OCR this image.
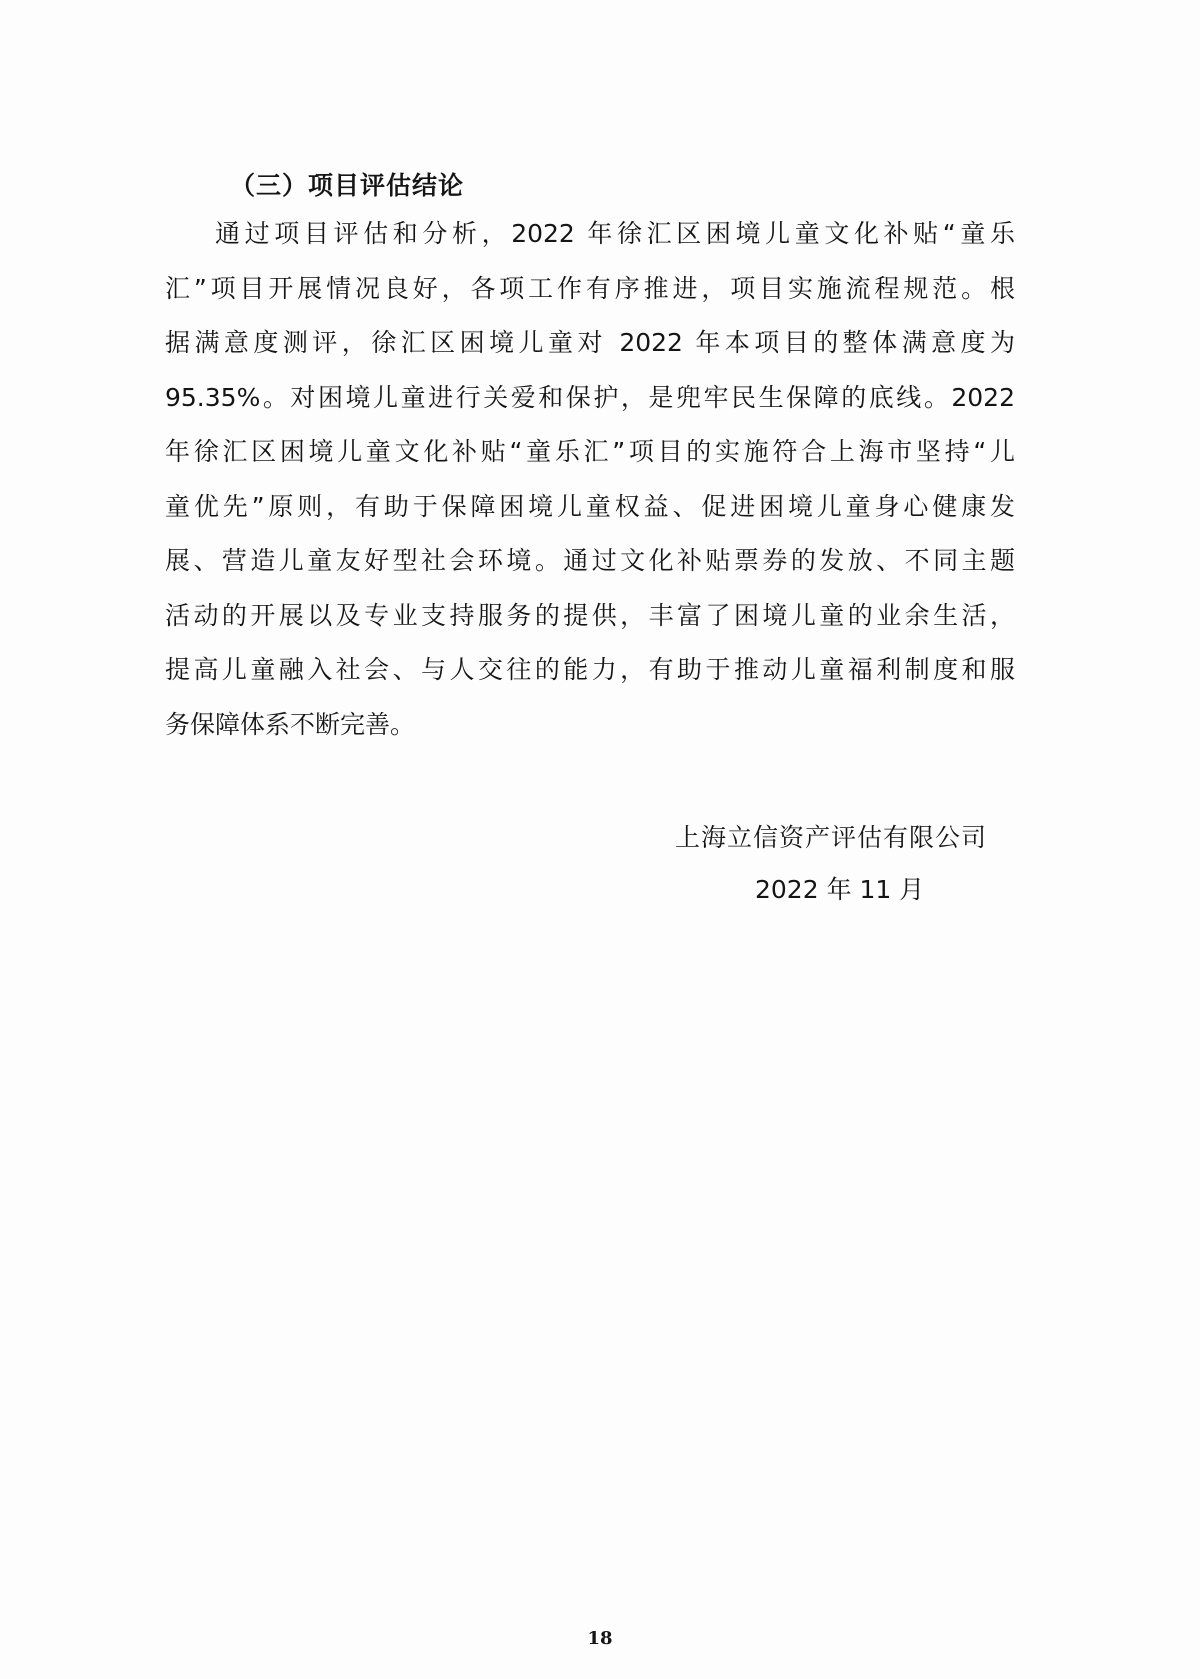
（三）项目评估结论
通过项目评估和分析，2022 年徐汇区困境儿童文化补贴“童乐
汇”项目开展情况良好，各项工作有序推进，项目实施流程规范。根
据满意度测评，徐汇区困境儿童对 2022 年本项目的整体满意度为
95.35%。对困境儿童进行关爱和保护，是兜牢民生保障的底线。2022
年徐汇区困境儿童文化补贴“童乐汇”项目的实施符合上海市坚持“儿
童优先”原则，有助于保障困境儿童权益、促进困境儿童身心健康发
展、营造儿童友好型社会环境。通过文化补贴票券的发放、不同主题
活动的开展以及专业支持服务的提供，丰富了困境儿童的业余生活，
提高儿童融入社会、与人交往的能力，有助于推动儿童福利制度和服
务保障体系不断完善。
上海立信资产评估有限公司
2022 年 11 月
18
